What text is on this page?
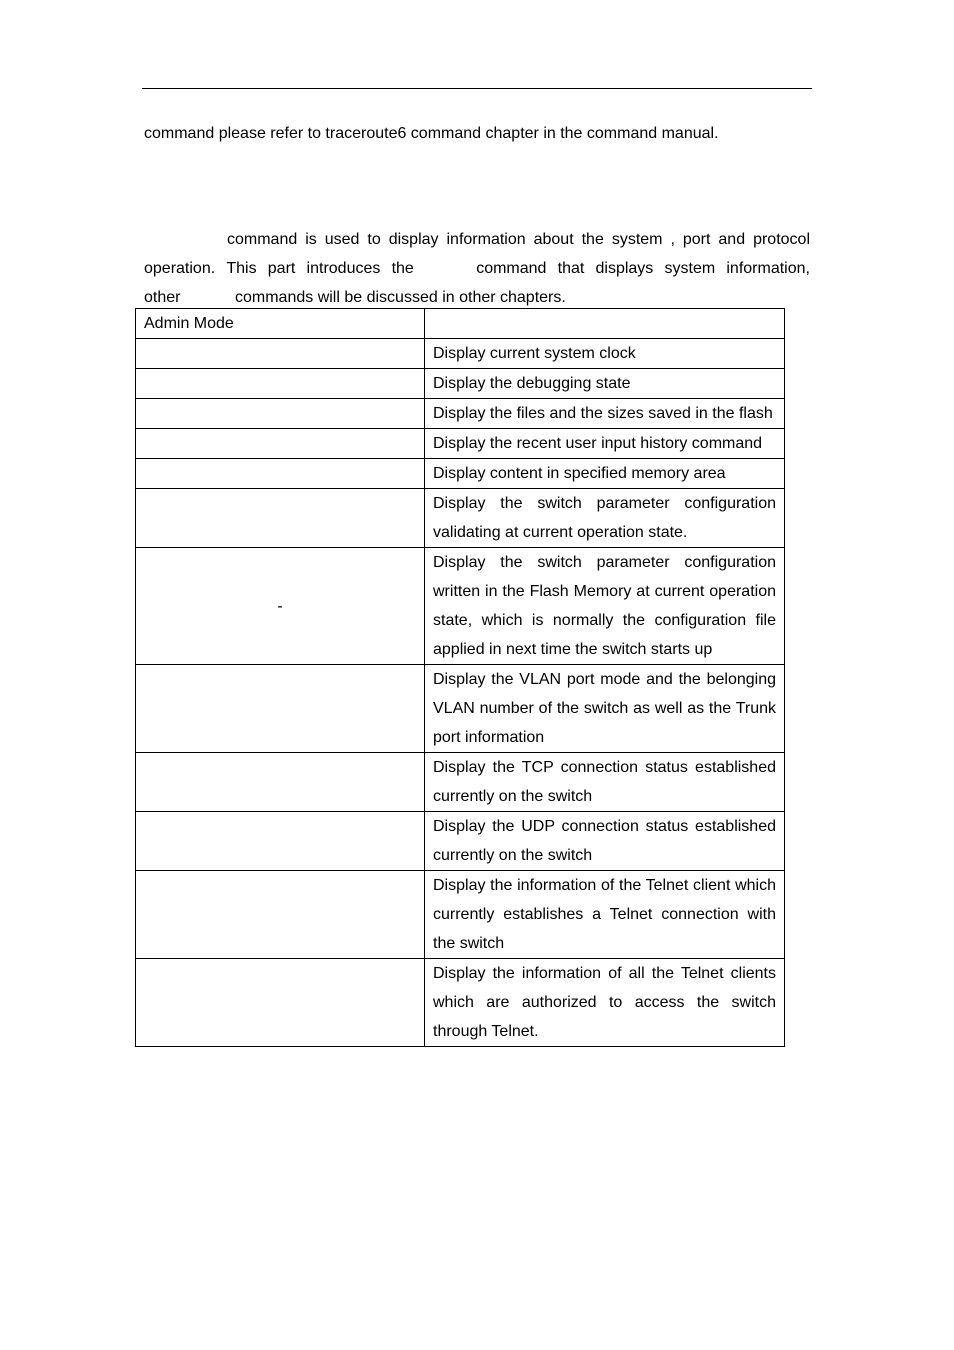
command please refer to traceroute6 command chapter in the command manual.
command is used to display information about the system , port and protocol
operation. This part introduces the	command that displays system information,
other	commands will be discussed in other chapters.
Admin Mode	
	Display current system clock
	Display the debugging state
	Display the files and the sizes saved in the flash
	Display the recent user input history command
	Display content in specified memory area
	Display the switch parameter configuration validating at current operation state.
-	Display the switch parameter configuration written in the Flash Memory at current operation state, which is normally the configuration file applied in next time the switch starts up
	Display the VLAN port mode and the belonging VLAN number of the switch as well as the Trunk port information
	Display the TCP connection status established currently on the switch
	Display the UDP connection status established currently on the switch
	Display the information of the Telnet client which currently establishes a Telnet connection with the switch
	Display the information of all the Telnet clients which are authorized to access the switch through Telnet.
